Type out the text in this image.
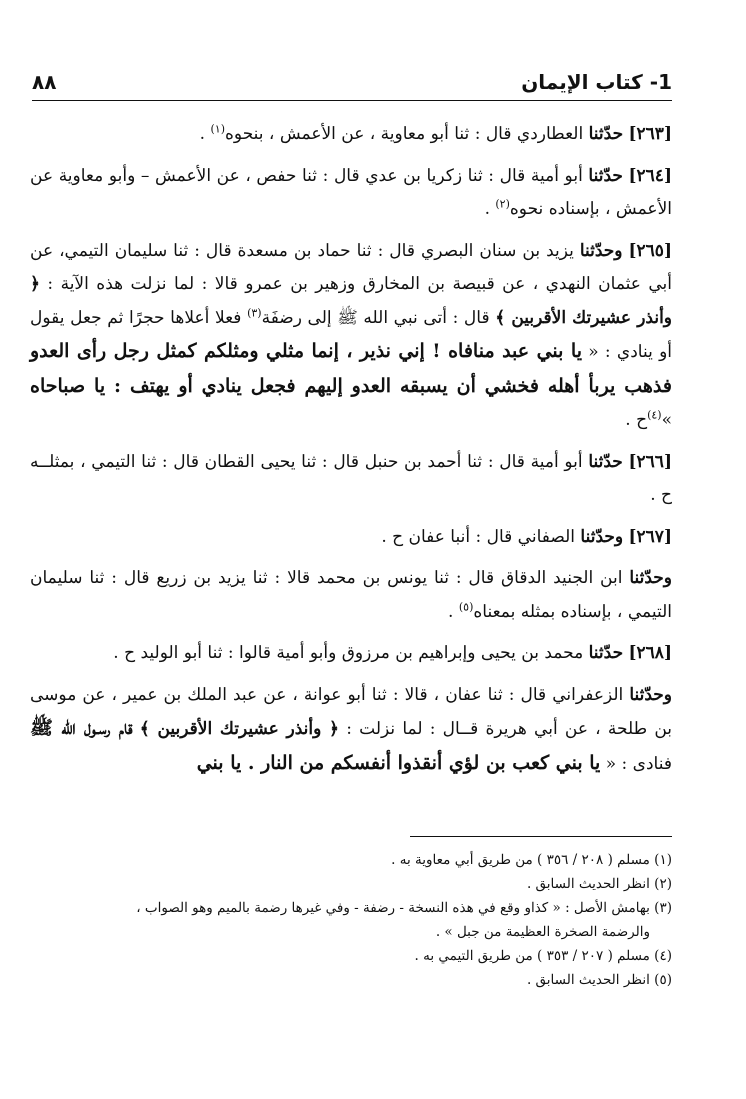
1- كتاب الإيمان
٨٨

[٢٦٣] حدّثنا العطاردي قال : ثنا أبو معاوية ، عن الأعمش ، بنحوه$^{(١)}$ .

[٢٦٤] حدّثنا أبو أمية قال : ثنا زكريا بن عدي قال : ثنا حفص ، عن الأعمش – وأبو معاوية عن الأعمش ، بإسناده نحوه$^{(٢)}$ .

[٢٦٥] وحدّثنا يزيد بن سنان البصري قال : ثنا حماد بن مسعدة قال : ثنا سليمان التيمي، عن أبي عثمان النهدي ، عن قبيصة بن المخارق وزهير بن عمرو قالا : لما نزلت هذه الآية : ﴿ وأنذر عشيرتك الأقربين ﴾ قال : أتى نبي الله ﷺ إلى رضفَة$^{(٣)}$ فعلا أعلاها حجرًا ثم جعل يقول أو ينادي : « يا بني عبد منافاه ! إني نذير ، إنما مثلي ومثلكم كمثل رجل رأى العدو فذهب يربأ أهله فخشي أن يسبقه العدو إليهم فجعل ينادي أو يهتف : يا صباحاه »$^{(٤)}$ح .

[٢٦٦] حدّثنا أبو أمية قال : ثنا أحمد بن حنبل قال : ثنا يحيى القطان قال : ثنا التيمي ، بمثلــه ح .

[٢٦٧] وحدّثنا الصفاني قال : أنبا عفان ح .

وحدّثنا ابن الجنيد الدقاق قال : ثنا يونس بن محمد قالا : ثنا يزيد بن زريع قال : ثنا سليمان التيمي ، بإسناده بمثله بمعناه$^{(٥)}$ .

[٢٦٨] حدّثنا محمد بن يحيى وإبراهيم بن مرزوق وأبو أمية قالوا : ثنا أبو الوليد ح .

وحدّثنا الزعفراني قال : ثنا عفان ، قالا : ثنا أبو عوانة ، عن عبد الملك بن عمير ، عن موسى بن طلحة ، عن أبي هريرة قــال : لما نزلت : ﴿ وأنذر عشيرتك الأقربين ﴾ قام رسـول الله ﷺ فنادى : « يا بني كعب بن لؤي أنقذوا أنفسكم من النار . يا بني

(١) مسلم ( ٢٠٨ / ٣٥٦ ) من طريق أبي معاوية به .

(٢) انظر الحديث السابق .

(٣) بهامش الأصل : « كذاو وقع في هذه النسخة - رضفة - وفي غيرها رضمة بالميم وهو الصواب ،

والرضمة الصخرة العظيمة من جبل » .

(٤) مسلم ( ٢٠٧ / ٣٥٣ ) من طريق التيمي به .

(٥) انظر الحديث السابق .
